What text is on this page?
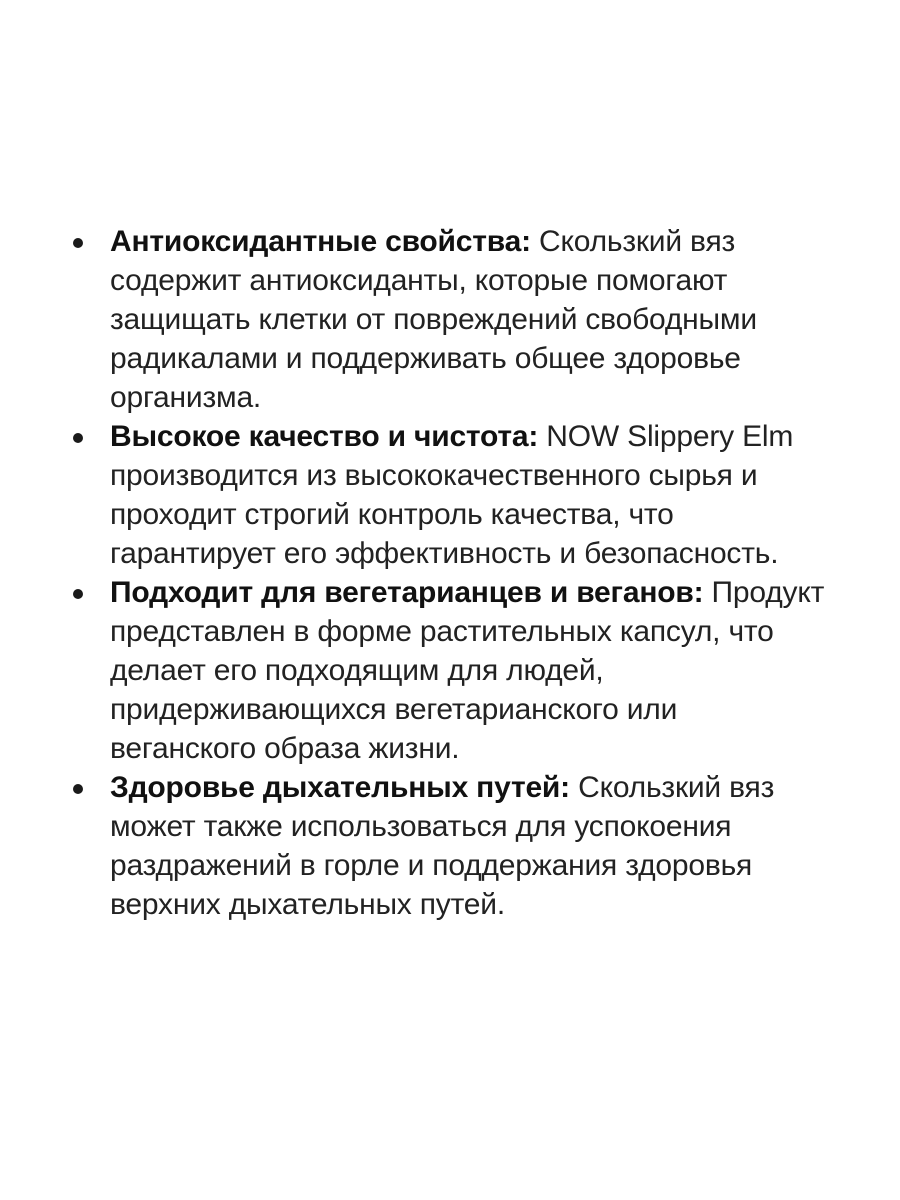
Антиоксидантные свойства: Скользкий вяз
содержит антиоксиданты, которые помогают
защищать клетки от повреждений свободными
радикалами и поддерживать общее здоровье
организма.
Высокое качество и чистота: NOW Slippery Elm
производится из высококачественного сырья и
проходит строгий контроль качества, что
гарантирует его эффективность и безопасность.
Подходит для вегетарианцев и веганов: Продукт
представлен в форме растительных капсул, что
делает его подходящим для людей,
придерживающихся вегетарианского или
веганского образа жизни.
Здоровье дыхательных путей: Скользкий вяз
может также использоваться для успокоения
раздражений в горле и поддержания здоровья
верхних дыхательных путей.
